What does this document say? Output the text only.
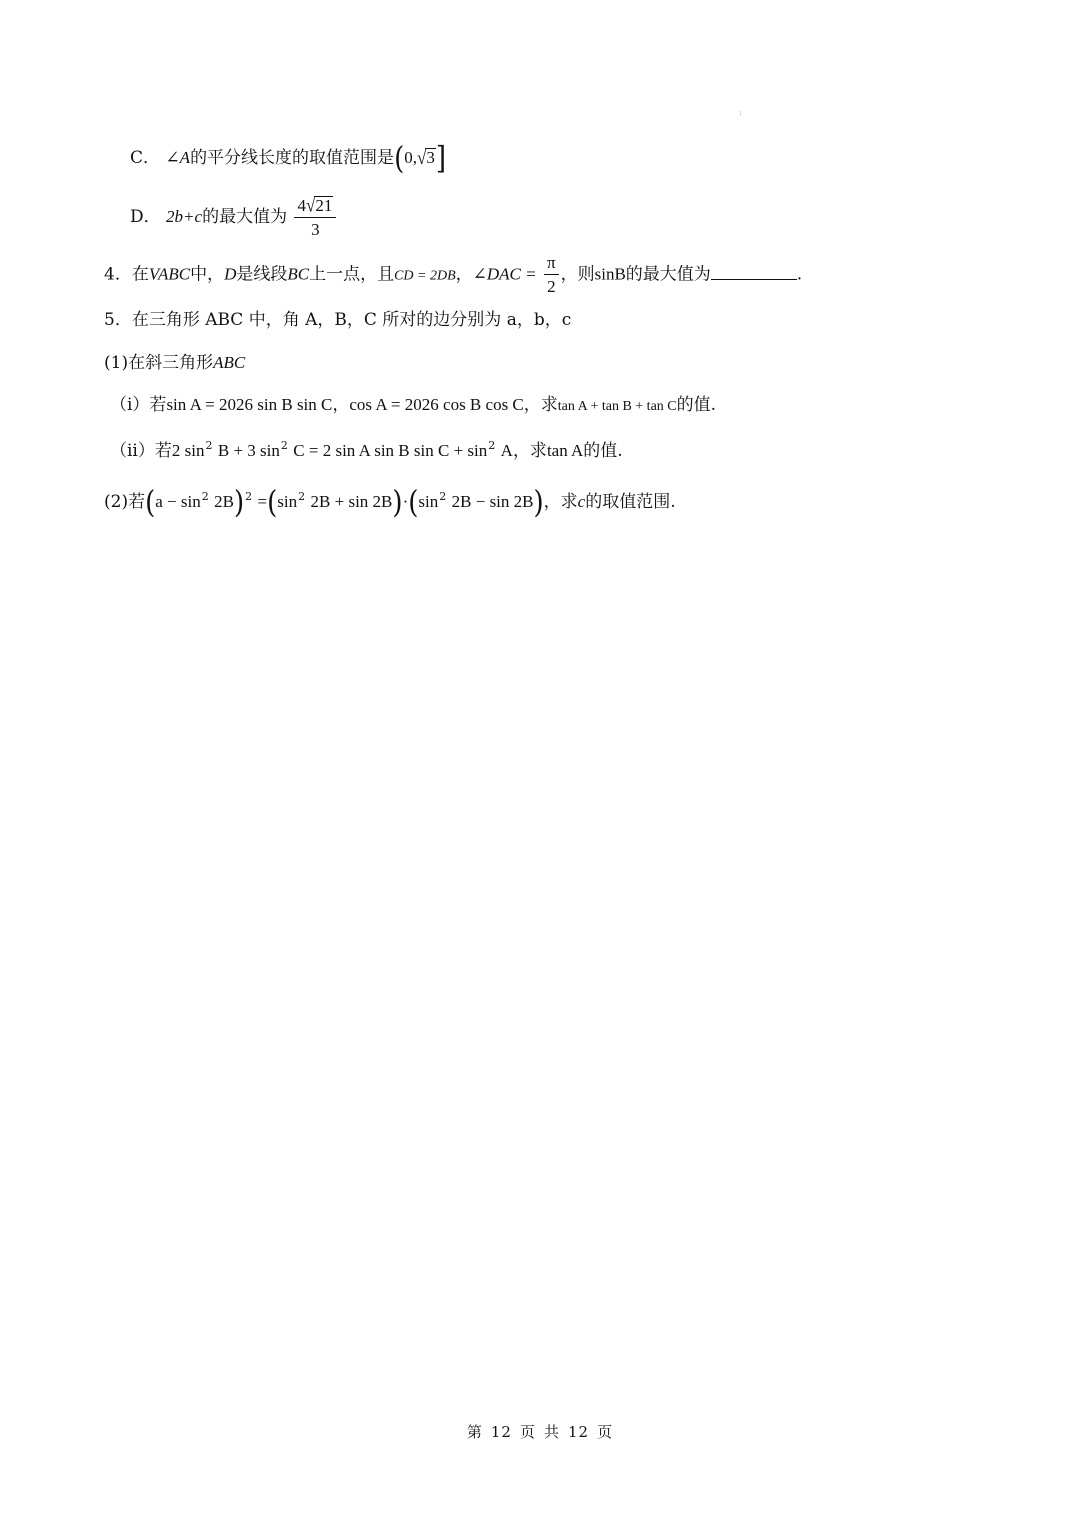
:
C． ∠A的平分线长度的取值范围是(0,√3]
D． 2b+c的最大值为 $\frac{4√21}{3}$
4．在VABC中，D是线段BC上一点，且CD = 2DB，∠DAC = $\frac{\pi}{2}$ ，则sinB的最大值为	.
5．在三角形 ABC 中，角 A，B，C 所对的边分别为 a，b，c
(1)在斜三角形ABC
（i）若sin A = 2026 sin B sin C，cos A = 2026 cos B cos C，求tan A + tan B + tan C的值.
（ii）若2 $\sin^2 B + 3$ $\sin^2 C = 2$ sin A sin B $\sin C + \sin^2 A$，求tan A的值.
(2)若$(a - \sin^2 2B)^2 =(\sin^2$ $2B + \sin 2B)\cdot(\sin^2$ 2B − sin 2B)，求c的取值范围.
第 12 页 共 12 页
